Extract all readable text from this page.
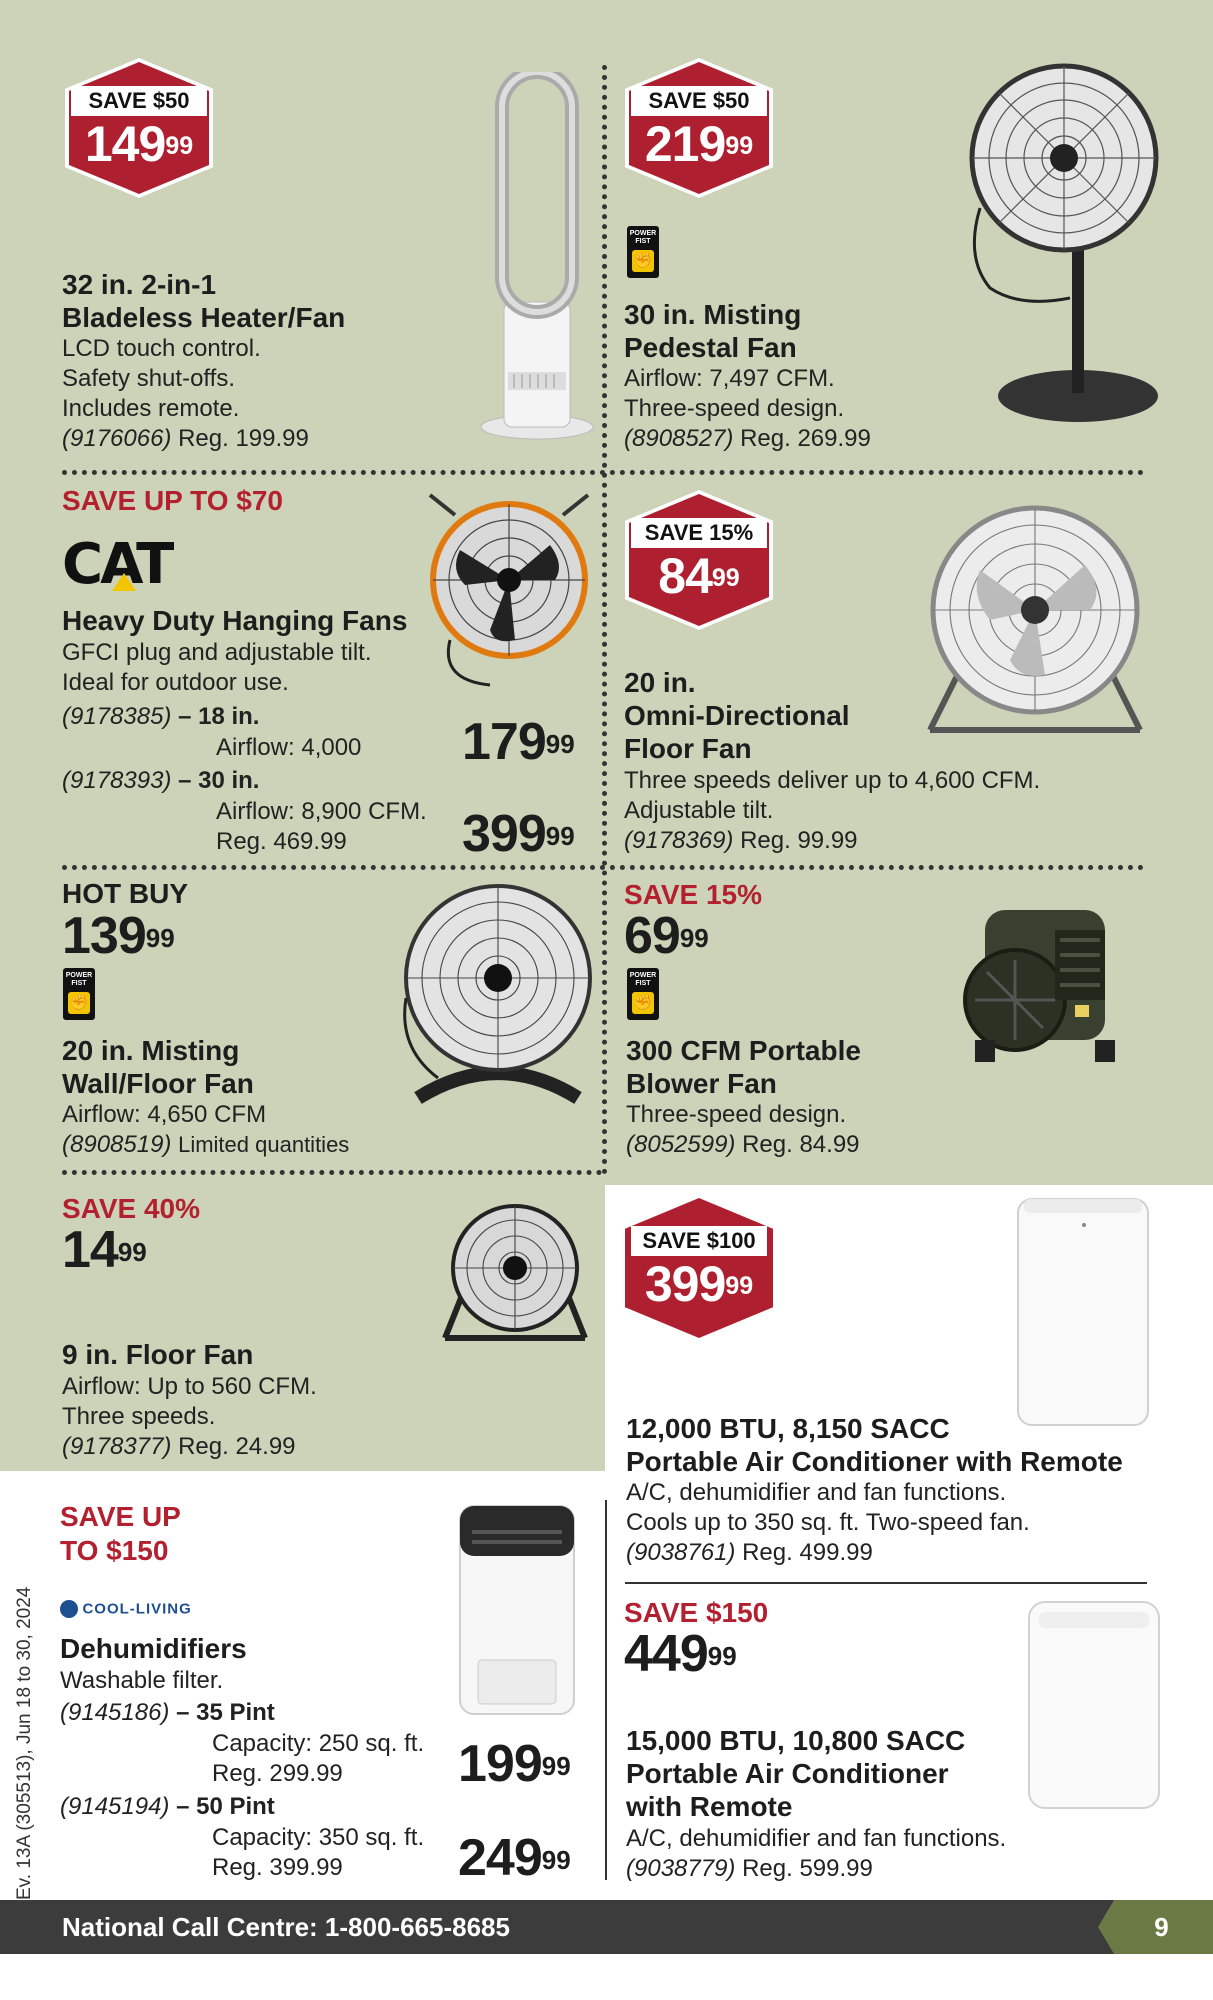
SAVE $50
$149^{99}$
32 in. 2-in-1
Bladeless Heater/Fan
LCD touch control.
Safety shut-offs.
Includes remote.
(9176066) Reg. 199.99
SAVE $50
$219^{99}$
POWER FIST
✊
30 in. Misting
Pedestal Fan
Airflow: 7,497 CFM.
Three-speed design.
(8908527) Reg. 269.99
SAVE UP TO $70
CAT
Heavy Duty Hanging Fans
GFCI plug and adjustable tilt.
Ideal for outdoor use.
(9178385) – 18 in.
Airflow: 4,000 $179^{99}$
(9178393) – 30 in.
Airflow: 8,900 CFM.
Reg. 469.99	$399^{99}$
SAVE 15%
$84^{99}$
20 in.
Omni-Directional
Floor Fan
Three speeds deliver up to 4,600 CFM.
Adjustable tilt.
(9178369) Reg. 99.99
HOT BUY
$139^{99}$
POWER FIST
✊
20 in. Misting
Wall/Floor Fan
Airflow: 4,650 CFM
(8908519) Limited quantities
SAVE 15%
$69^{99}$
POWER FIST
✊
300 CFM Portable
Blower Fan
Three-speed design.
(8052599) Reg. 84.99
SAVE 40%
$14^{99}$
9 in. Floor Fan
Airflow: Up to 560 CFM.
Three speeds.
(9178377) Reg. 24.99
SAVE $100
$399^{99}$
12,000 BTU, 8,150 SACC
Portable Air Conditioner with Remote
A/C, dehumidifier and fan functions.
Cools up to 350 sq. ft. Two-speed fan.
(9038761) Reg. 499.99
SAVE UP
TO $150
COOL-LIVING
Dehumidifiers
Washable filter.
(9145186) – 35 Pint
Capacity: 250 sq. ft.
Reg. 299.99	$199^{99}$
(9145194) – 50 Pint
Capacity: 350 sq. ft.
Reg. 399.99	$249^{99}$
SAVE $150
$449^{99}$
15,000 BTU, 10,800 SACC
Portable Air Conditioner
with Remote
A/C, dehumidifier and fan functions.
(9038779) Reg. 599.99
Ev. 13A (305513), Jun 18 to 30, 2024
National Call Centre: 1-800-665-8685	9
